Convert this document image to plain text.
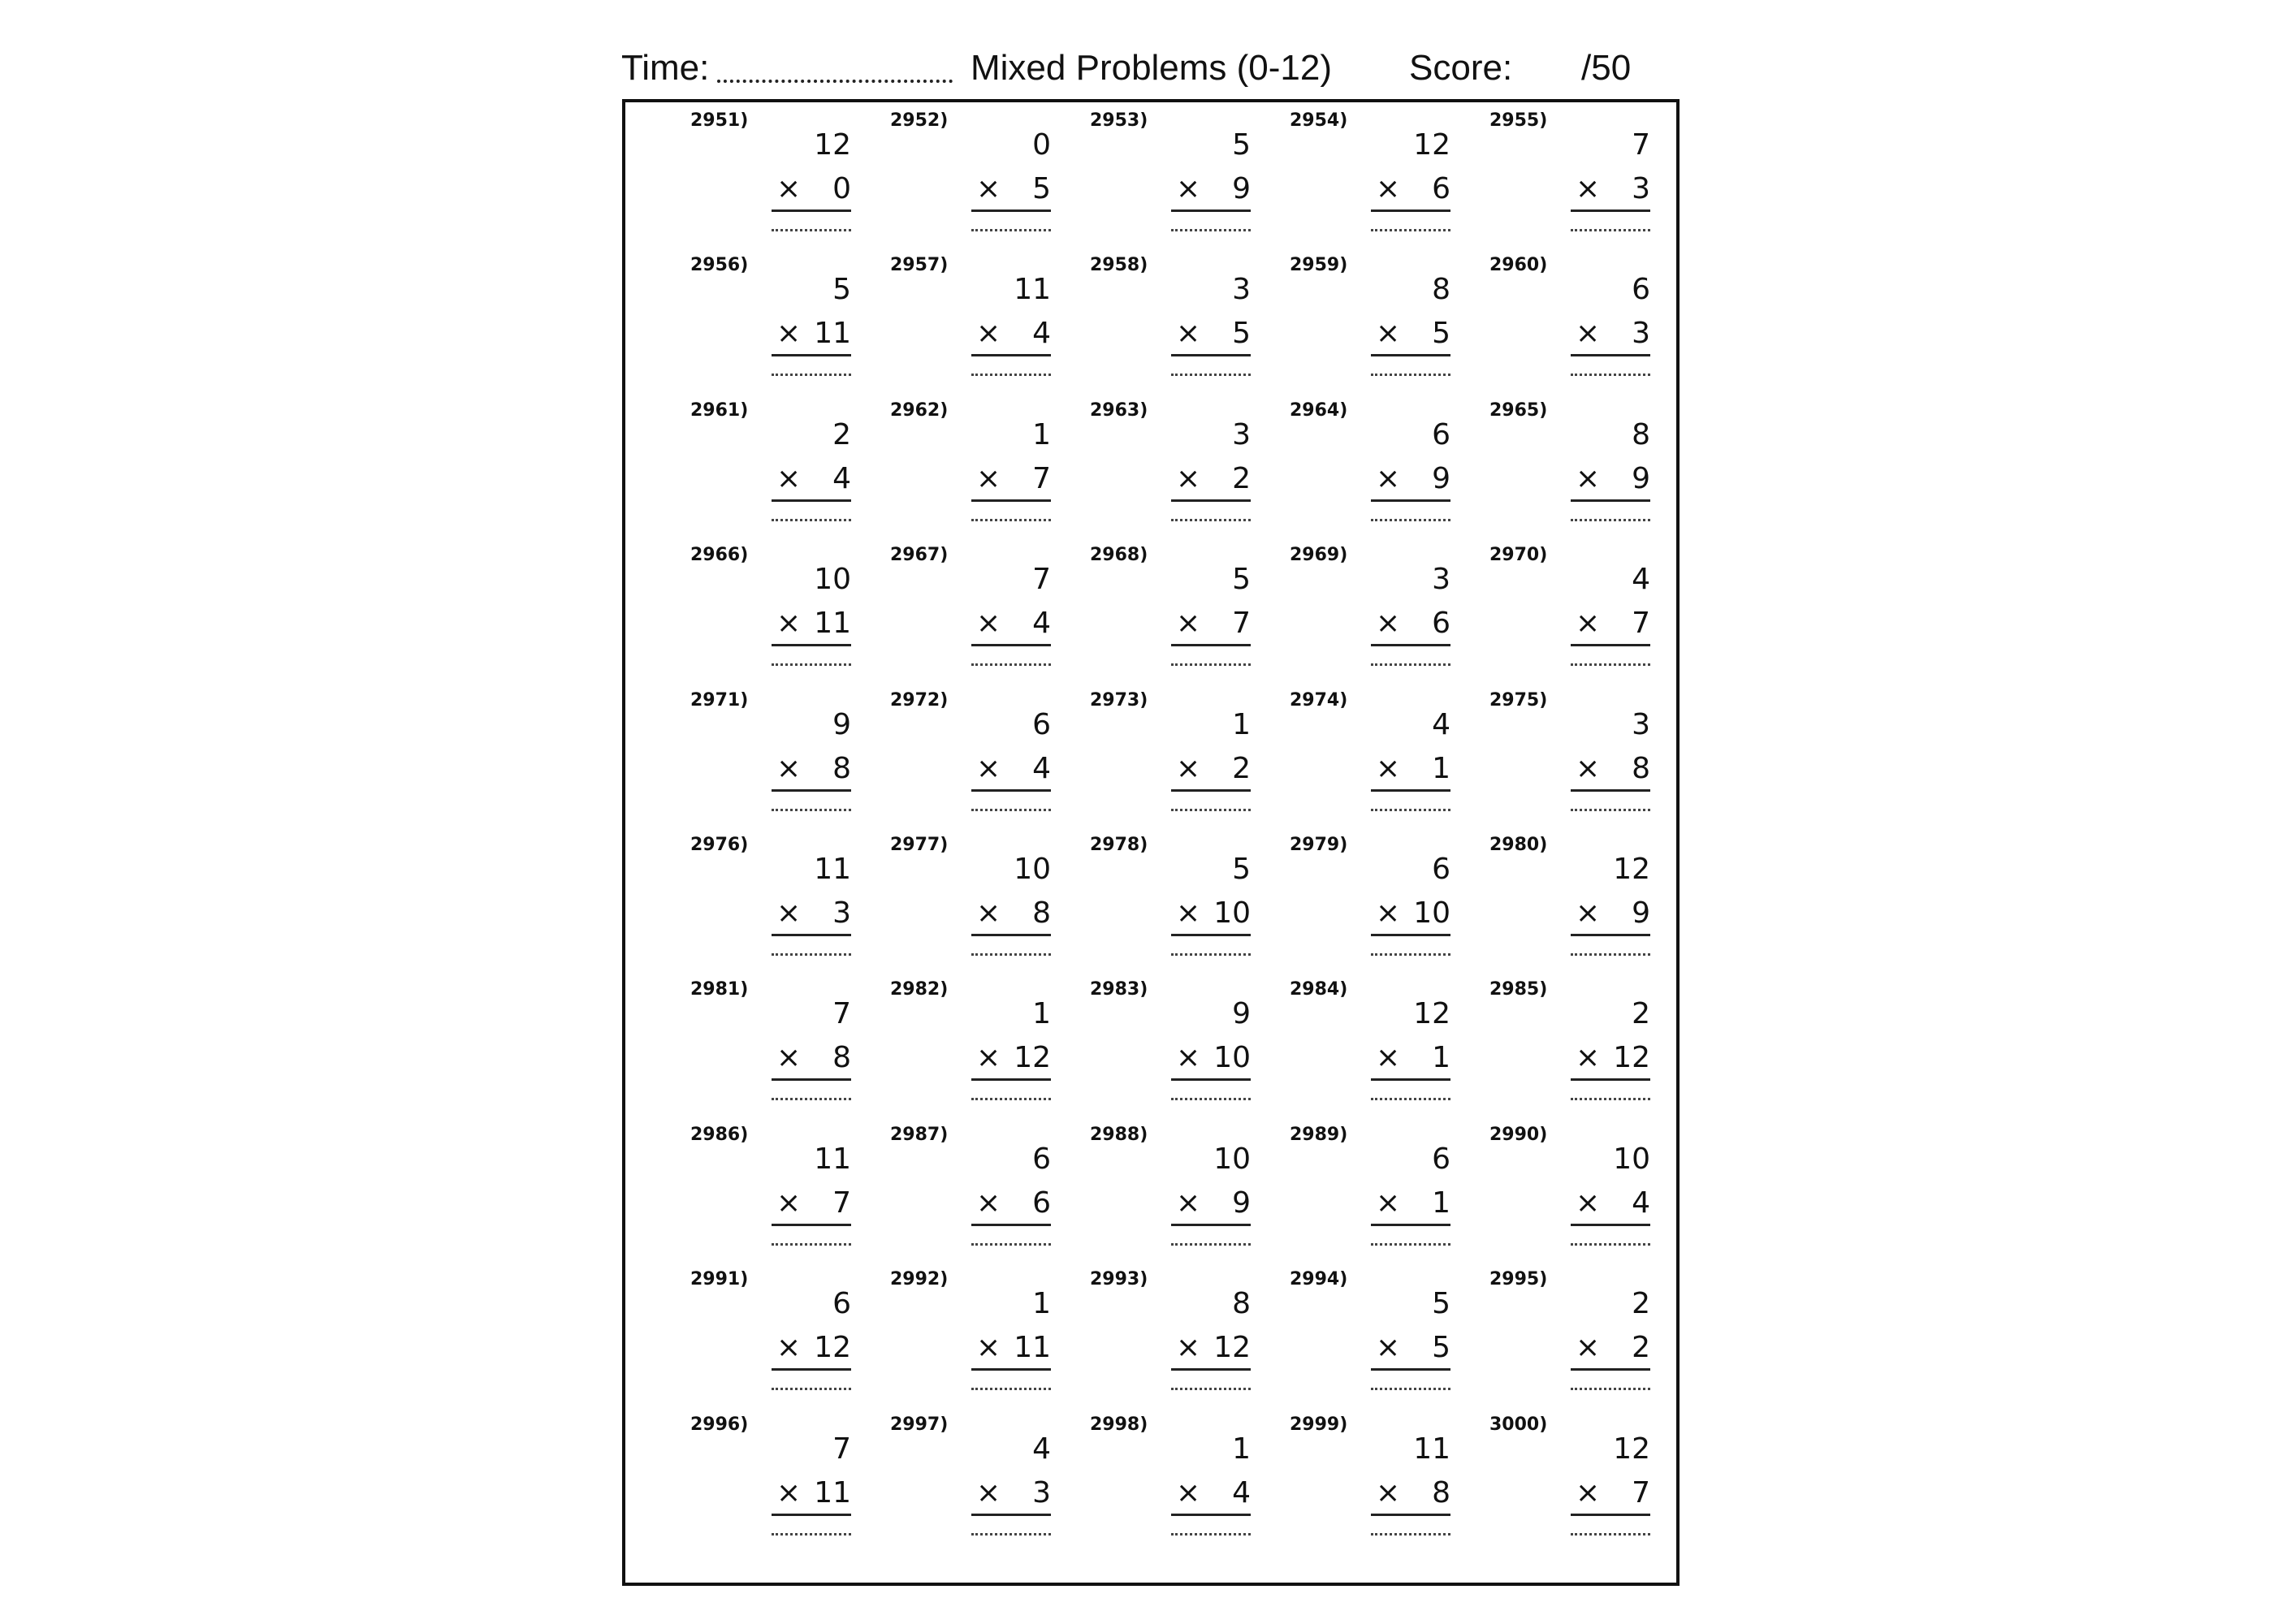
Time:	Mixed Problems (0-12) Score: /50
2951)
12
× 0
2952)
0
× 5
2953)
5
× 9
2954)
12
× 6
2955)
7
× 3
2956)
5
× 11
2957)
11
× 4
2958)
3
× 5
2959)
8
× 5
2960)
6
× 3
2961)
2
× 4
2962)
1
× 7
2963)
3
× 2
2964)
6
× 9
2965)
8
× 9
2966)
10
× 11
2967)
7
× 4
2968)
5
× 7
2969)
3
× 6
2970)
4
× 7
2971)
9
× 8
2972)
6
× 4
2973)
1
× 2
2974)
4
× 1
2975)
3
× 8
2976)
11
× 3
2977)
10
× 8
2978)
5
× 10
2979)
6
× 10
2980)
12
× 9
2981)
7
× 8
2982)
1
× 12
2983)
9
× 10
2984)
12
× 1
2985)
2
× 12
2986)
11
× 7
2987)
6
× 6
2988)
10
× 9
2989)
6
× 1
2990)
10
× 4
2991)
6
× 12
2992)
1
× 11
2993)
8
× 12
2994)
5
× 5
2995)
2
× 2
2996)
7
× 11
2997)
4
× 3
2998)
1
× 4
2999)
11
× 8
3000)
12
× 7
